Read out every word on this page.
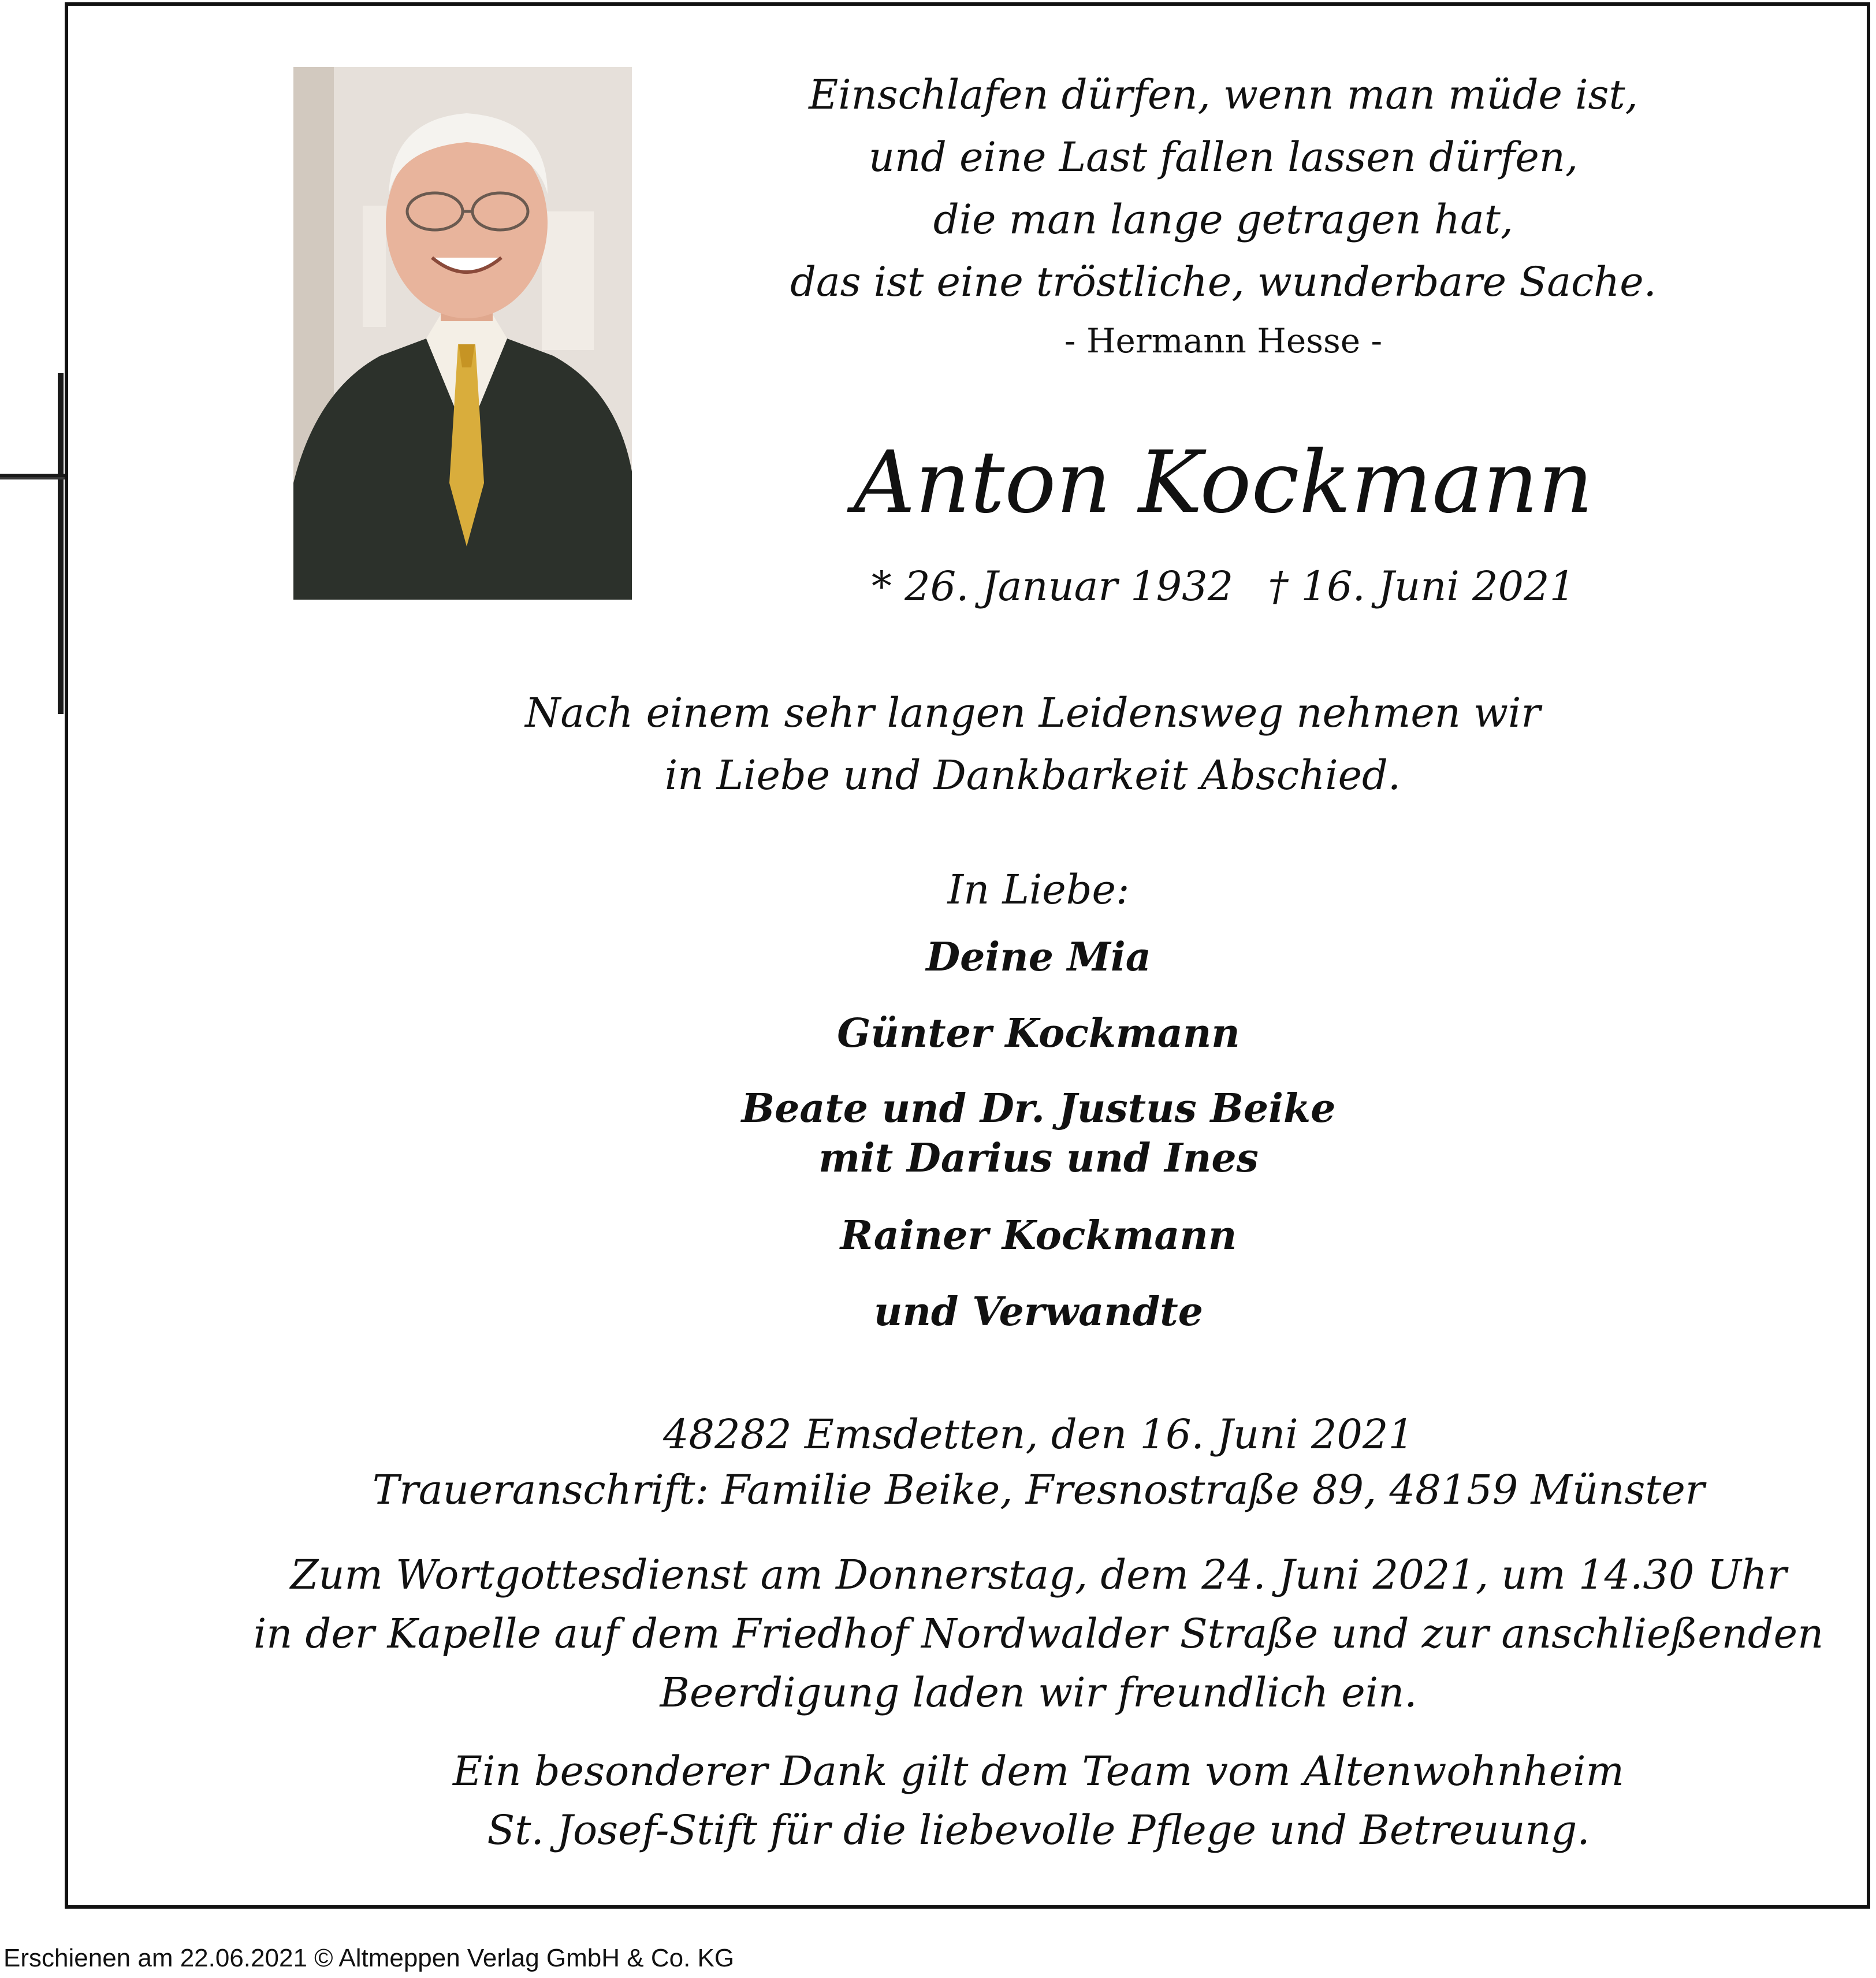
Einschlafen dürfen, wenn man müde ist,
und eine Last fallen lassen dürfen,
die man lange getragen hat,
das ist eine tröstliche, wunderbare Sache.
- Hermann Hesse -
Anton Kockmann
* 26. Januar 1932 † 16. Juni 2021
Nach einem sehr langen Leidensweg nehmen wir
in Liebe und Dankbarkeit Abschied.
In Liebe:
Deine Mia
Günter Kockmann
Beate und Dr. Justus Beike
mit Darius und Ines
Rainer Kockmann
und Verwandte
48282 Emsdetten, den 16. Juni 2021
Traueranschrift: Familie Beike, Fresnostraße 89, 48159 Münster
Zum Wortgottesdienst am Donnerstag, dem 24. Juni 2021, um 14.30 Uhr
in der Kapelle auf dem Friedhof Nordwalder Straße und zur anschließenden
Beerdigung laden wir freundlich ein.
Ein besonderer Dank gilt dem Team vom Altenwohnheim
St. Josef-Stift für die liebevolle Pflege und Betreuung.
Erschienen am 22.06.2021 © Altmeppen Verlag GmbH & Co. KG
